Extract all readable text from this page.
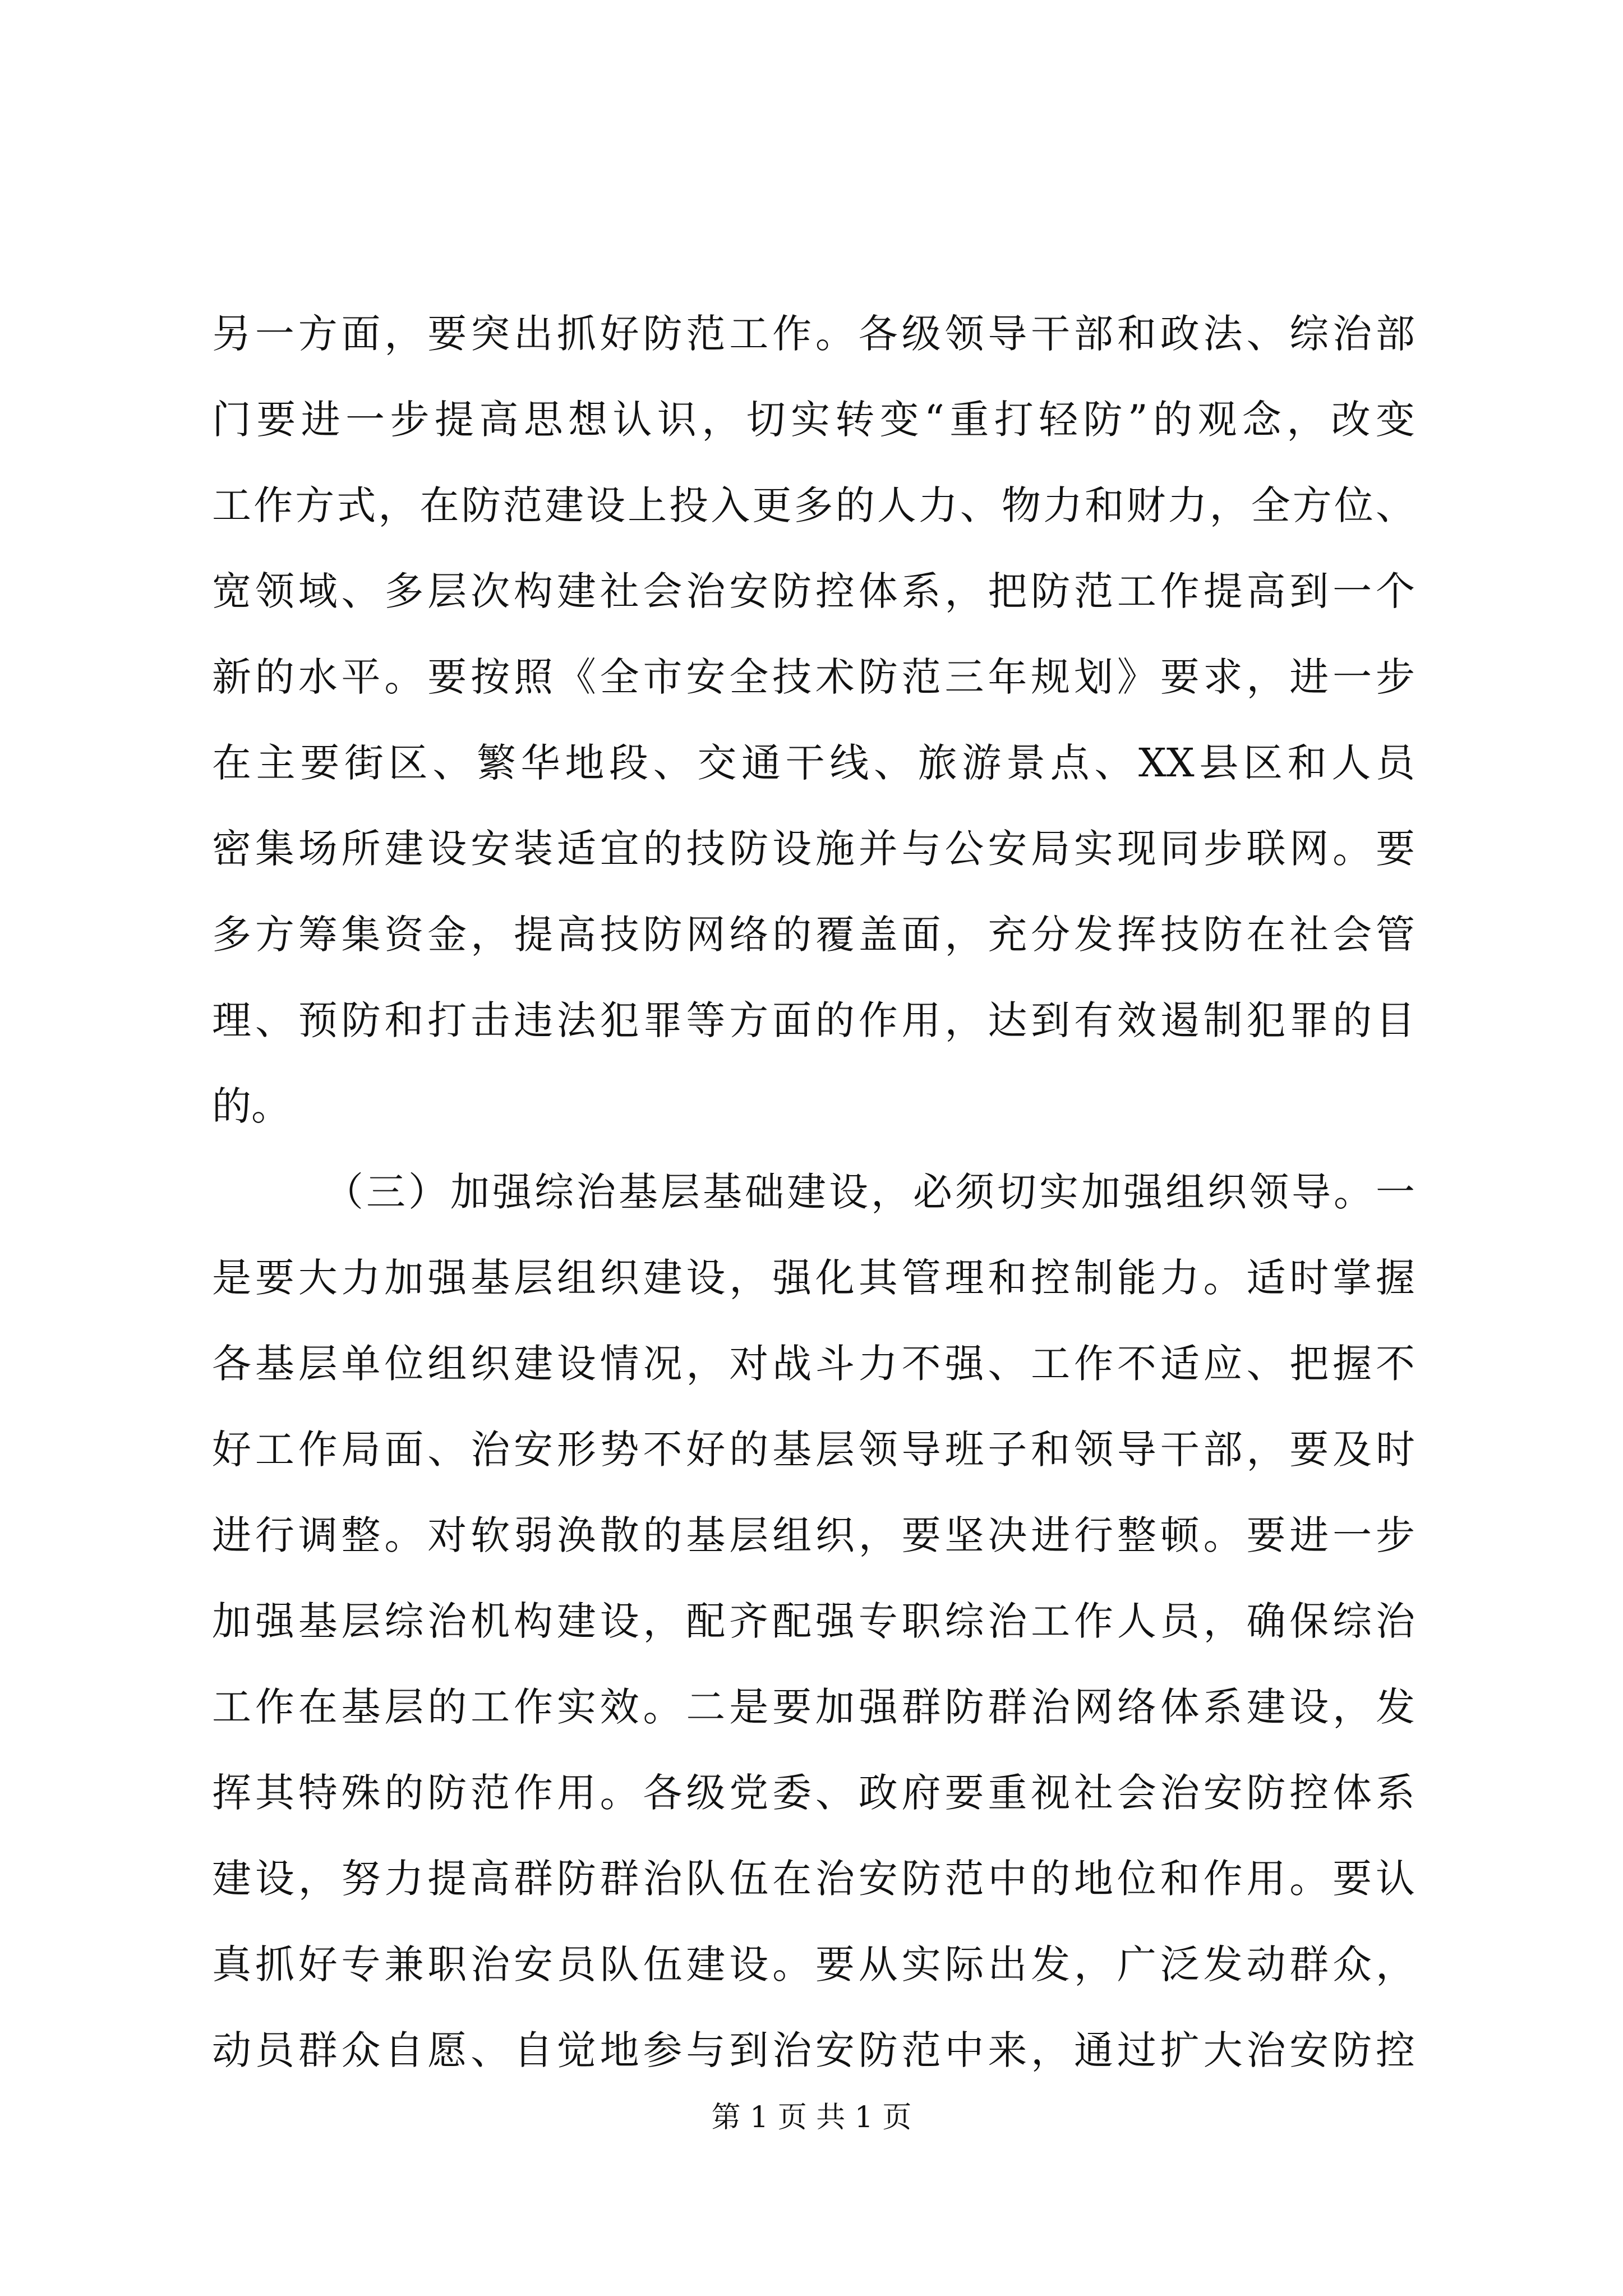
另一方面，要突出抓好防范工作。各级领导干部和政法、综治部
门要进一步提高思想认识，切实转变“重打轻防”的观念，改变
工作方式，在防范建设上投入更多的人力、物力和财力，全方位、
宽领域、多层次构建社会治安防控体系，把防范工作提高到一个
新的水平。要按照《全市安全技术防范三年规划》要求，进一步
在主要街区、繁华地段、交通干线、旅游景点、XX县区和人员
密集场所建设安装适宜的技防设施并与公安局实现同步联网。要
多方筹集资金，提高技防网络的覆盖面，充分发挥技防在社会管
理、预防和打击违法犯罪等方面的作用，达到有效遏制犯罪的目
的。
（三）加强综治基层基础建设，必须切实加强组织领导。一
是要大力加强基层组织建设，强化其管理和控制能力。适时掌握
各基层单位组织建设情况，对战斗力不强、工作不适应、把握不
好工作局面、治安形势不好的基层领导班子和领导干部，要及时
进行调整。对软弱涣散的基层组织，要坚决进行整顿。要进一步
加强基层综治机构建设，配齐配强专职综治工作人员，确保综治
工作在基层的工作实效。二是要加强群防群治网络体系建设，发
挥其特殊的防范作用。各级党委、政府要重视社会治安防控体系
建设，努力提高群防群治队伍在治安防范中的地位和作用。要认
真抓好专兼职治安员队伍建设。要从实际出发，广泛发动群众，
动员群众自愿、自觉地参与到治安防范中来，通过扩大治安防控
第 1 页 共 1 页
